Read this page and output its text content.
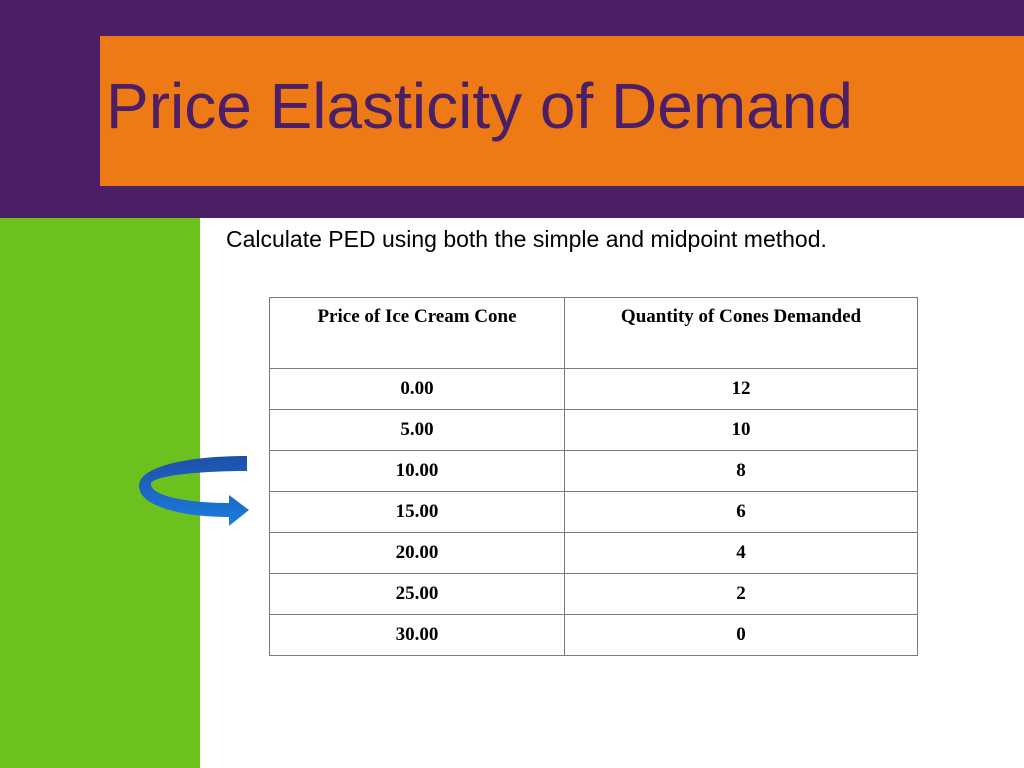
Price Elasticity of Demand

Calculate PED using both the simple and midpoint method.

Price of Ice Cream Cone	Quantity of Cones Demanded
0.00	12
5.00	10
10.00	8
15.00	6
20.00	4
25.00	2
30.00	0
